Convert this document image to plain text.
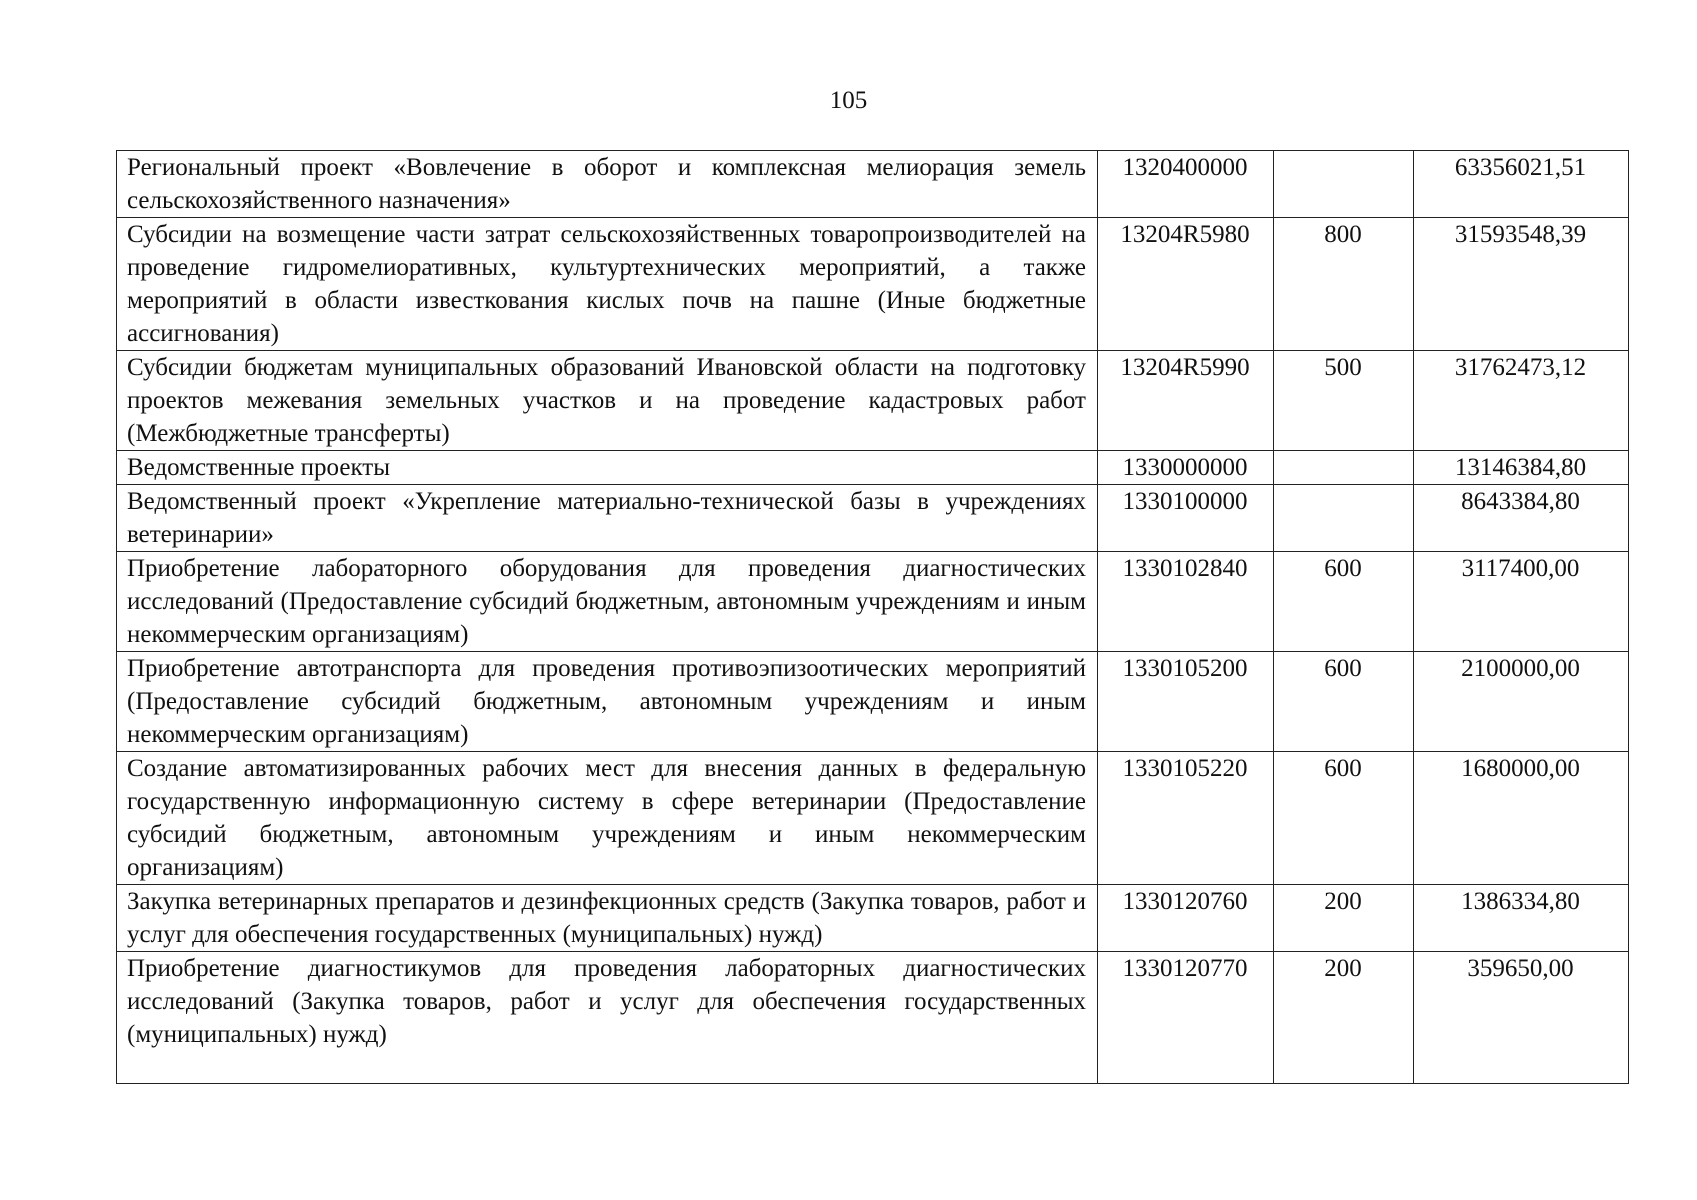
105
Региональный проект «Вовлечение в оборот и комплексная мелиорация земель сельскохозяйственного назначения»	1320400000		63356021,51
Субсидии на возмещение части затрат сельскохозяйственных товаропроизводителей на проведение гидромелиоративных, культуртехнических мероприятий, а также мероприятий в области известкования кислых почв на пашне (Иные бюджетные ассигнования)	13204R5980	800	31593548,39
Субсидии бюджетам муниципальных образований Ивановской области на подготовку проектов межевания земельных участков и на проведение кадастровых работ (Межбюджетные трансферты)	13204R5990	500	31762473,12
Ведомственные проекты	1330000000		13146384,80
Ведомственный проект «Укрепление материально-технической базы в учреждениях ветеринарии»	1330100000		8643384,80
Приобретение лабораторного оборудования для проведения диагностических исследований (Предоставление субсидий бюджетным, автономным учреждениям и иным некоммерческим организациям)	1330102840	600	3117400,00
Приобретение автотранспорта для проведения противоэпизоотических мероприятий (Предоставление субсидий бюджетным, автономным учреждениям и иным некоммерческим организациям)	1330105200	600	2100000,00
Создание автоматизированных рабочих мест для внесения данных в федеральную государственную информационную систему в сфере ветеринарии (Предоставление субсидий бюджетным, автономным учреждениям и иным некоммерческим организациям)	1330105220	600	1680000,00
Закупка ветеринарных препаратов и дезинфекционных средств (Закупка товаров, работ и услуг для обеспечения государственных (муниципальных) нужд)	1330120760	200	1386334,80
Приобретение диагностикумов для проведения лабораторных диагностических исследований (Закупка товаров, работ и услуг для обеспечения государственных (муниципальных) нужд)	1330120770	200	359650,00
